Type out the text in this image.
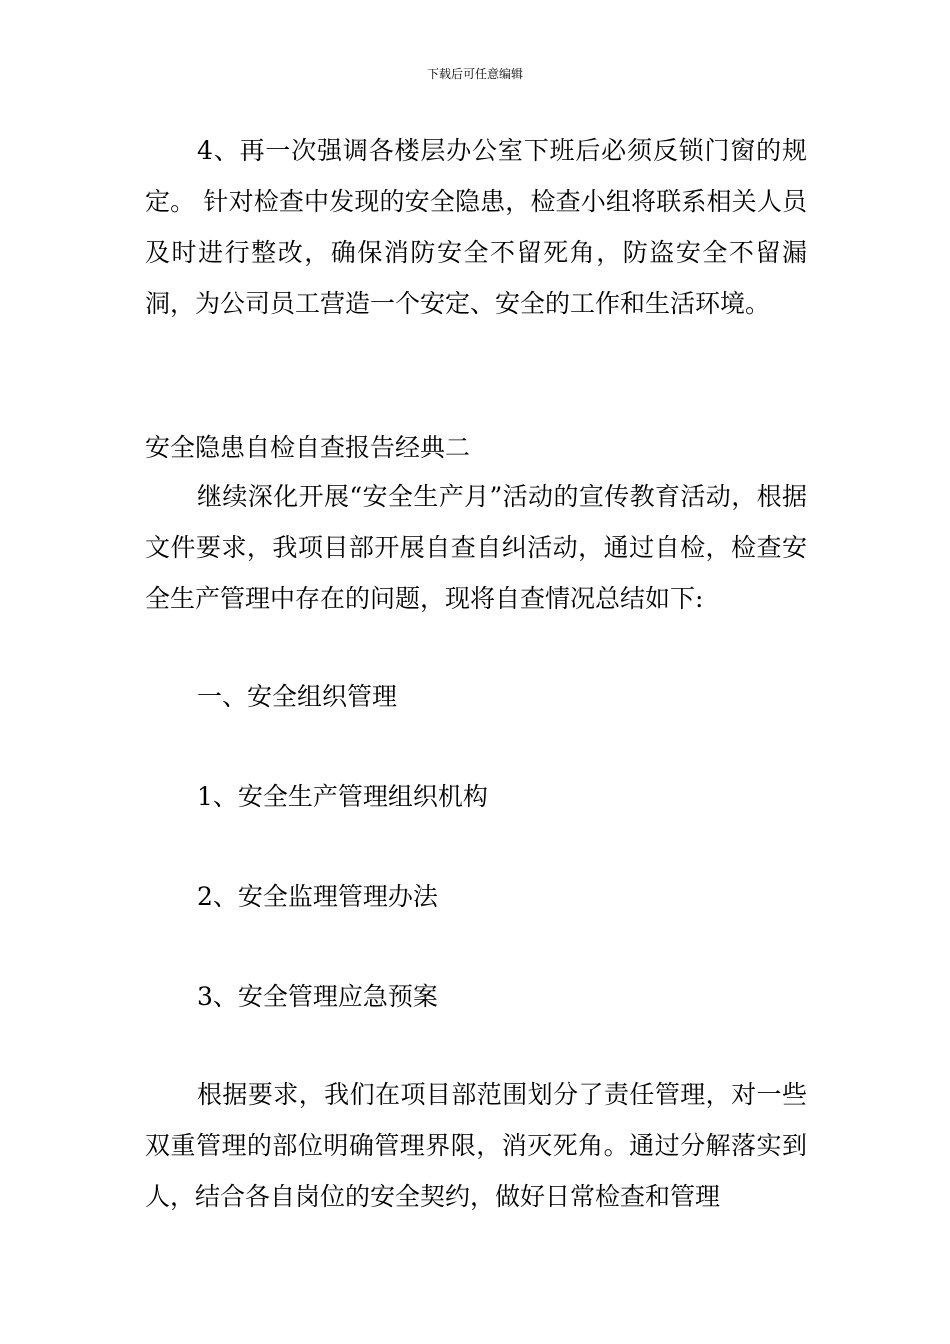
下载后可任意编辑

4、再一次强调各楼层办公室下班后必须反锁门窗的规定。 针对检查中发现的安全隐患，检查小组将联系相关人员及时进行整改，确保消防安全不留死角，防盗安全不留漏洞，为公司员工营造一个安定、安全的工作和生活环境。

安全隐患自检自查报告经典二

继续深化开展“安全生产月”活动的宣传教育活动，根据文件要求，我项目部开展自查自纠活动，通过自检，检查安全生产管理中存在的问题，现将自查情况总结如下:

一、安全组织管理

1、安全生产管理组织机构

2、安全监理管理办法

3、安全管理应急预案

根据要求，我们在项目部范围划分了责任管理，对一些双重管理的部位明确管理界限，消灭死角。通过分解落实到人，结合各自岗位的安全契约，做好日常检查和管理
